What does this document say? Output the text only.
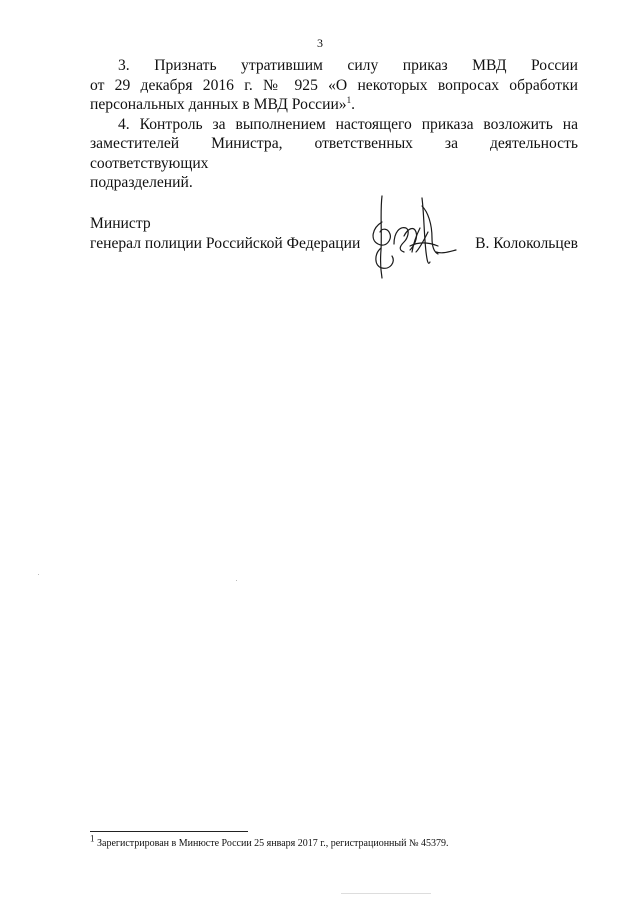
3

3. Признать утратившим силу приказ МВД России
от 29 декабря 2016 г. № 925 «О некоторых вопросах обработки
персональных данных в МВД России»$^1$.

4. Контроль за выполнением настоящего приказа возложить на
заместителей Министра, ответственных за деятельность соответствующих
подразделений.

Министр
генерал полиции Российской Федерации	В. Колокольцев
$^1$ Зарегистрирован в Минюсте России 25 января 2017 г., регистрационный № 45379.
